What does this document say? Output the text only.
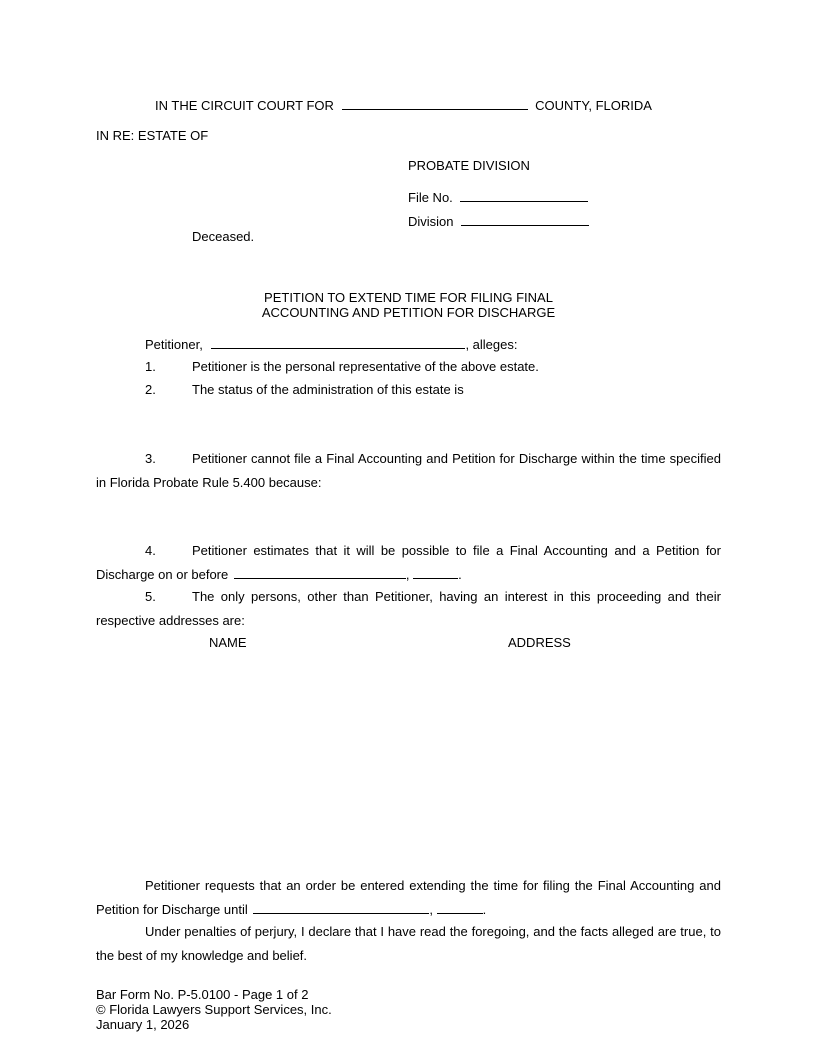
IN THE CIRCUIT COURT FOR	COUNTY, FLORIDA
IN RE: ESTATE OF
PROBATE DIVISION
File No.
Division
Deceased.
PETITION TO EXTEND TIME FOR FILING FINAL
ACCOUNTING AND PETITION FOR DISCHARGE
Petitioner,	, alleges:
1.	Petitioner is the personal representative of the above estate.
2.	The status of the administration of this estate is
3.	Petitioner cannot file a Final Accounting and Petition for Discharge within the time specified in Florida Probate Rule 5.400 because:
4.	Petitioner estimates that it will be possible to file a Final Accounting and a Petition for Discharge on or before	,	.
5.	The only persons, other than Petitioner, having an interest in this proceeding and their respective addresses are:
NAME	ADDRESS
Petitioner requests that an order be entered extending the time for filing the Final Accounting and Petition for Discharge until	,	.
Under penalties of perjury, I declare that I have read the foregoing, and the facts alleged are true, to the best of my knowledge and belief.
Bar Form No. P-5.0100 - Page 1 of 2
© Florida Lawyers Support Services, Inc.
January 1, 2026
